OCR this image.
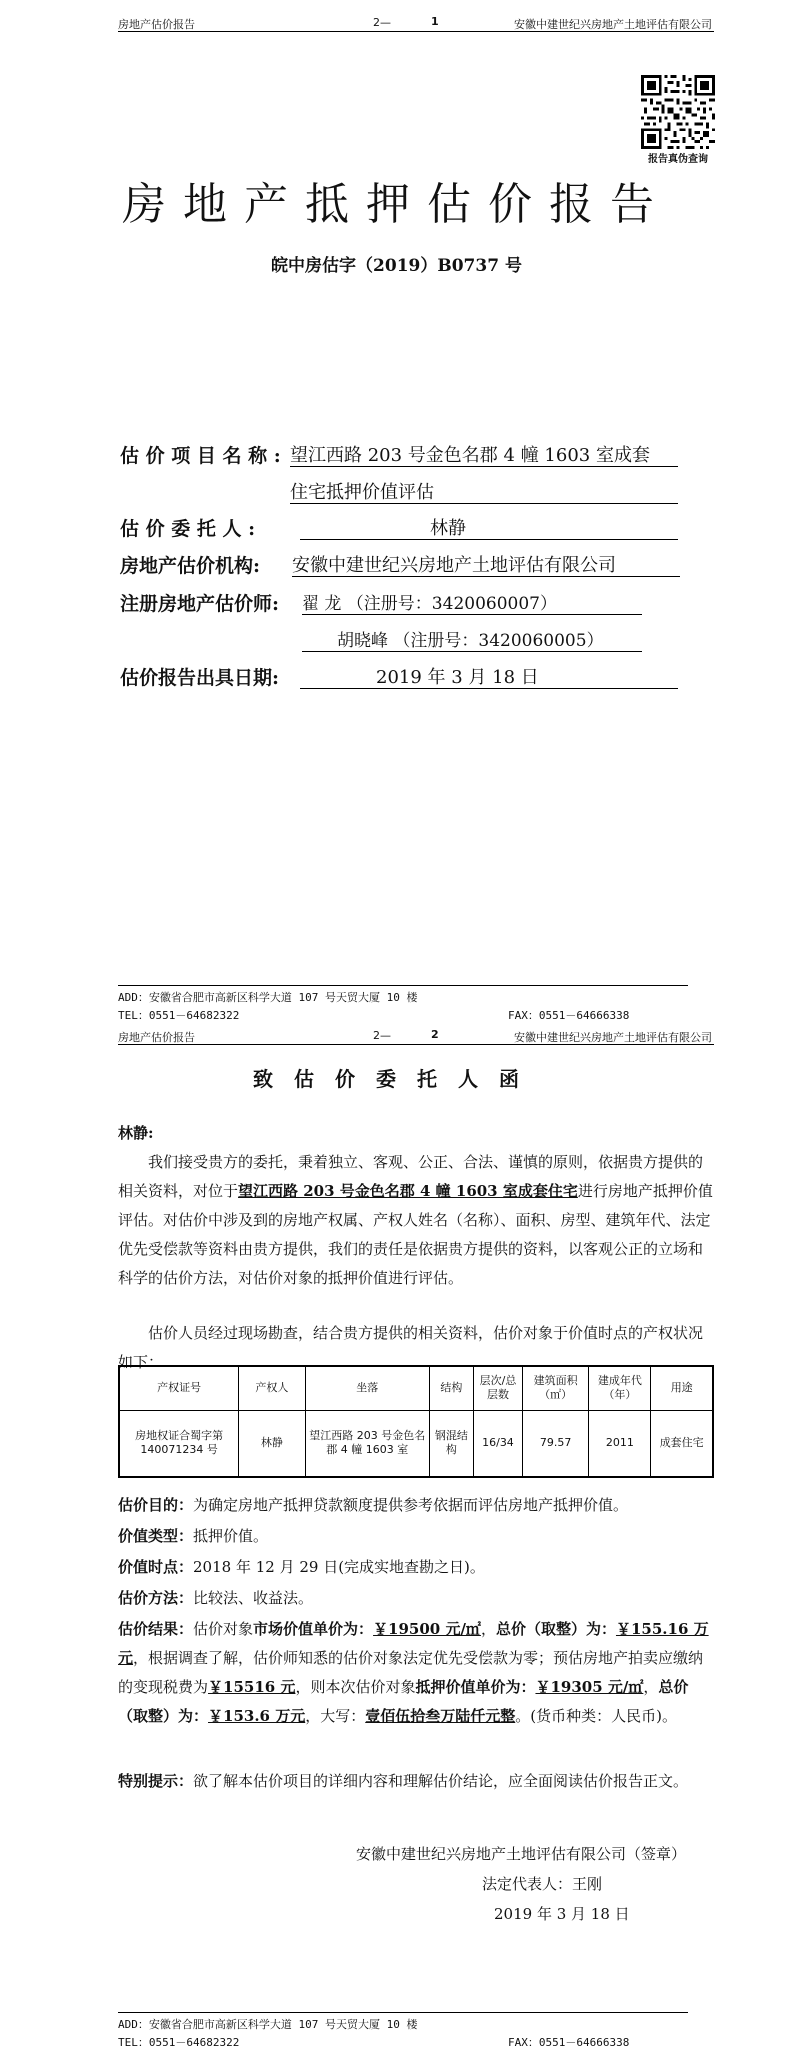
房地产估价报告	2—	1	安徽中建世纪兴房地产土地评估有限公司
报告真伪查询
房地产抵押估价报告
皖中房估字（2019）B0737 号
估 价 项 目 名 称 : 望江西路 203 号金色名郡 4 幢 1603 室成套
住宅抵押价值评估
估 价 委 托 人 :	林静
房地产估价机构: 安徽中建世纪兴房地产土地评估有限公司
注册房地产估价师: 翟 龙 （注册号：3420060007）
胡晓峰 （注册号：3420060005）
估价报告出具日期:	2019 年 3 月 18 日
ADD：安徽省合肥市高新区科学大道 107 号天贸大厦 10 楼
TEL：0551－64682322	FAX：0551－64666338
房地产估价报告	2—	2	安徽中建世纪兴房地产土地评估有限公司
致估价委托人函
林静:
我们接受贵方的委托，秉着独立、客观、公正、合法、谨慎的原则，依据贵方提供的相关资料，对位于望江西路 203 号金色名郡 4 幢 1603 室成套住宅进行房地产抵押价值评估。对估价中涉及到的房地产权属、产权人姓名（名称）、面积、房型、建筑年代、法定优先受偿款等资料由贵方提供，我们的责任是依据贵方提供的资料，以客观公正的立场和科学的估价方法，对估价对象的抵押价值进行评估。
估价人员经过现场勘查，结合贵方提供的相关资料，估价对象于价值时点的产权状况如下：
产权证号	产权人	坐落	结构	层次/总层数	建筑面积（㎡）	建成年代（年）	用途
房地权证合蜀字第140071234 号	林静	望江西路 203 号金色名郡 4 幢 1603 室	钢混结构	16/34	79.57	2011	成套住宅
估价目的：为确定房地产抵押贷款额度提供参考依据而评估房地产抵押价值。
价值类型：抵押价值。
价值时点：2018 年 12 月 29 日(完成实地查勘之日)。
估价方法：比较法、收益法。
估价结果：估价对象市场价值单价为：￥19500 元/㎡，总价（取整）为：￥155.16 万元，根据调查了解，估价师知悉的估价对象法定优先受偿款为零；预估房地产拍卖应缴纳的变现税费为￥15516 元，则本次估价对象抵押价值单价为：￥19305 元/㎡，总价（取整）为：￥153.6 万元，大写：壹佰伍拾叁万陆仟元整。(货币种类：人民币)。
特别提示：欲了解本估价项目的详细内容和理解估价结论，应全面阅读估价报告正文。
安徽中建世纪兴房地产土地评估有限公司（签章）
法定代表人：王刚
2019 年 3 月 18 日
ADD：安徽省合肥市高新区科学大道 107 号天贸大厦 10 楼
TEL：0551－64682322	FAX：0551－64666338
